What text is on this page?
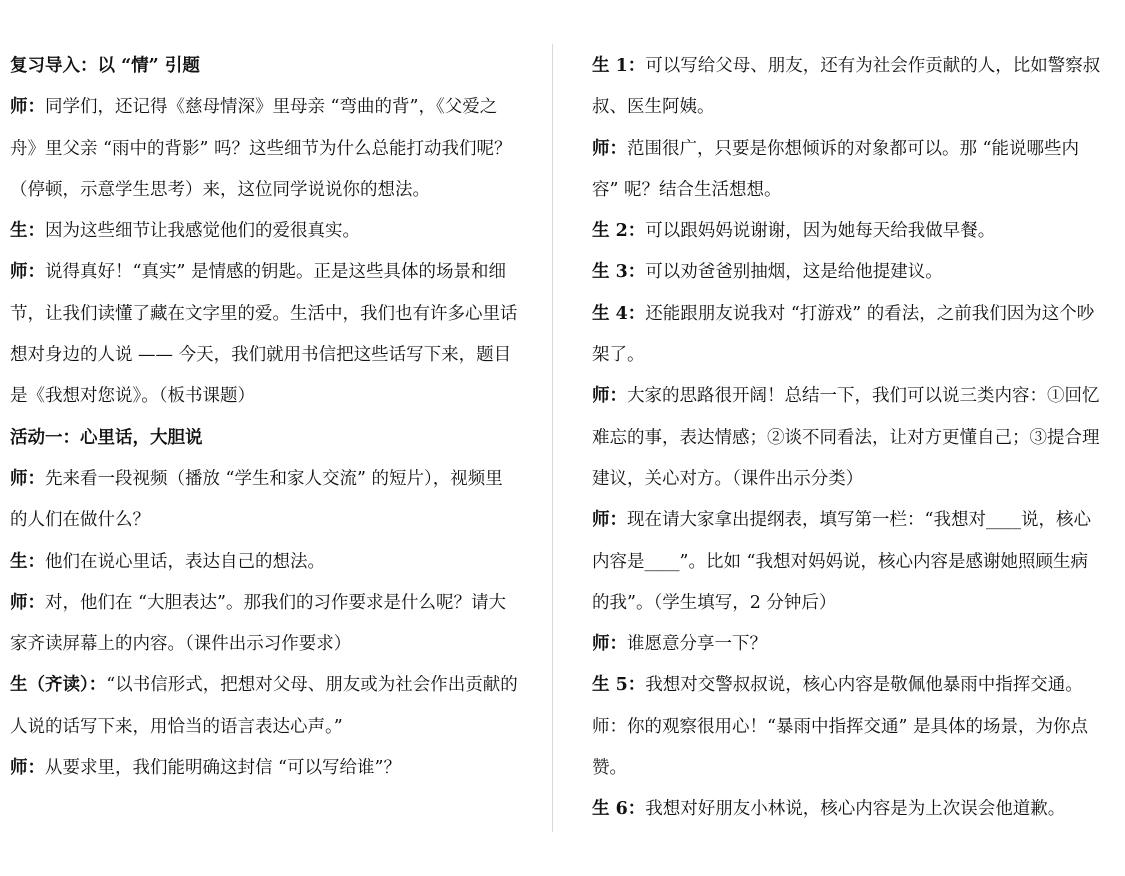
复习导入：以 “情” 引题

师：同学们，还记得《慈母情深》里母亲 “弯曲的背”，《父爱之舟》里父亲 “雨中的背影” 吗？这些细节为什么总能打动我们呢？（停顿，示意学生思考）来，这位同学说说你的想法。

生：因为这些细节让我感觉他们的爱很真实。

师：说得真好！“真实” 是情感的钥匙。正是这些具体的场景和细节，让我们读懂了藏在文字里的爱。生活中，我们也有许多心里话想对身边的人说 —— 今天，我们就用书信把这些话写下来，题目是《我想对您说》。（板书课题）

活动一：心里话，大胆说

师：先来看一段视频（播放 “学生和家人交流” 的短片），视频里的人们在做什么？

生：他们在说心里话，表达自己的想法。

师：对，他们在 “大胆表达”。那我们的习作要求是什么呢？请大家齐读屏幕上的内容。（课件出示习作要求）

生（齐读）：“以书信形式，把想对父母、朋友或为社会作出贡献的人说的话写下来，用恰当的语言表达心声。”

师：从要求里，我们能明确这封信 “可以写给谁”？

生 1：可以写给父母、朋友，还有为社会作贡献的人，比如警察叔叔、医生阿姨。

师：范围很广，只要是你想倾诉的对象都可以。那 “能说哪些内容” 呢？结合生活想想。

生 2：可以跟妈妈说谢谢，因为她每天给我做早餐。

生 3：可以劝爸爸别抽烟，这是给他提建议。

生 4：还能跟朋友说我对 “打游戏” 的看法，之前我们因为这个吵架了。

师：大家的思路很开阔！总结一下，我们可以说三类内容：①回忆难忘的事，表达情感；②谈不同看法，让对方更懂自己；③提合理建议，关心对方。（课件出示分类）

师：现在请大家拿出提纲表，填写第一栏：“我想对____说，核心内容是____”。比如 “我想对妈妈说，核心内容是感谢她照顾生病的我”。（学生填写，2 分钟后）

师：谁愿意分享一下？

生 5：我想对交警叔叔说，核心内容是敬佩他暴雨中指挥交通。

师：你的观察很用心！“暴雨中指挥交通” 是具体的场景，为你点赞。

生 6：我想对好朋友小林说，核心内容是为上次误会他道歉。
